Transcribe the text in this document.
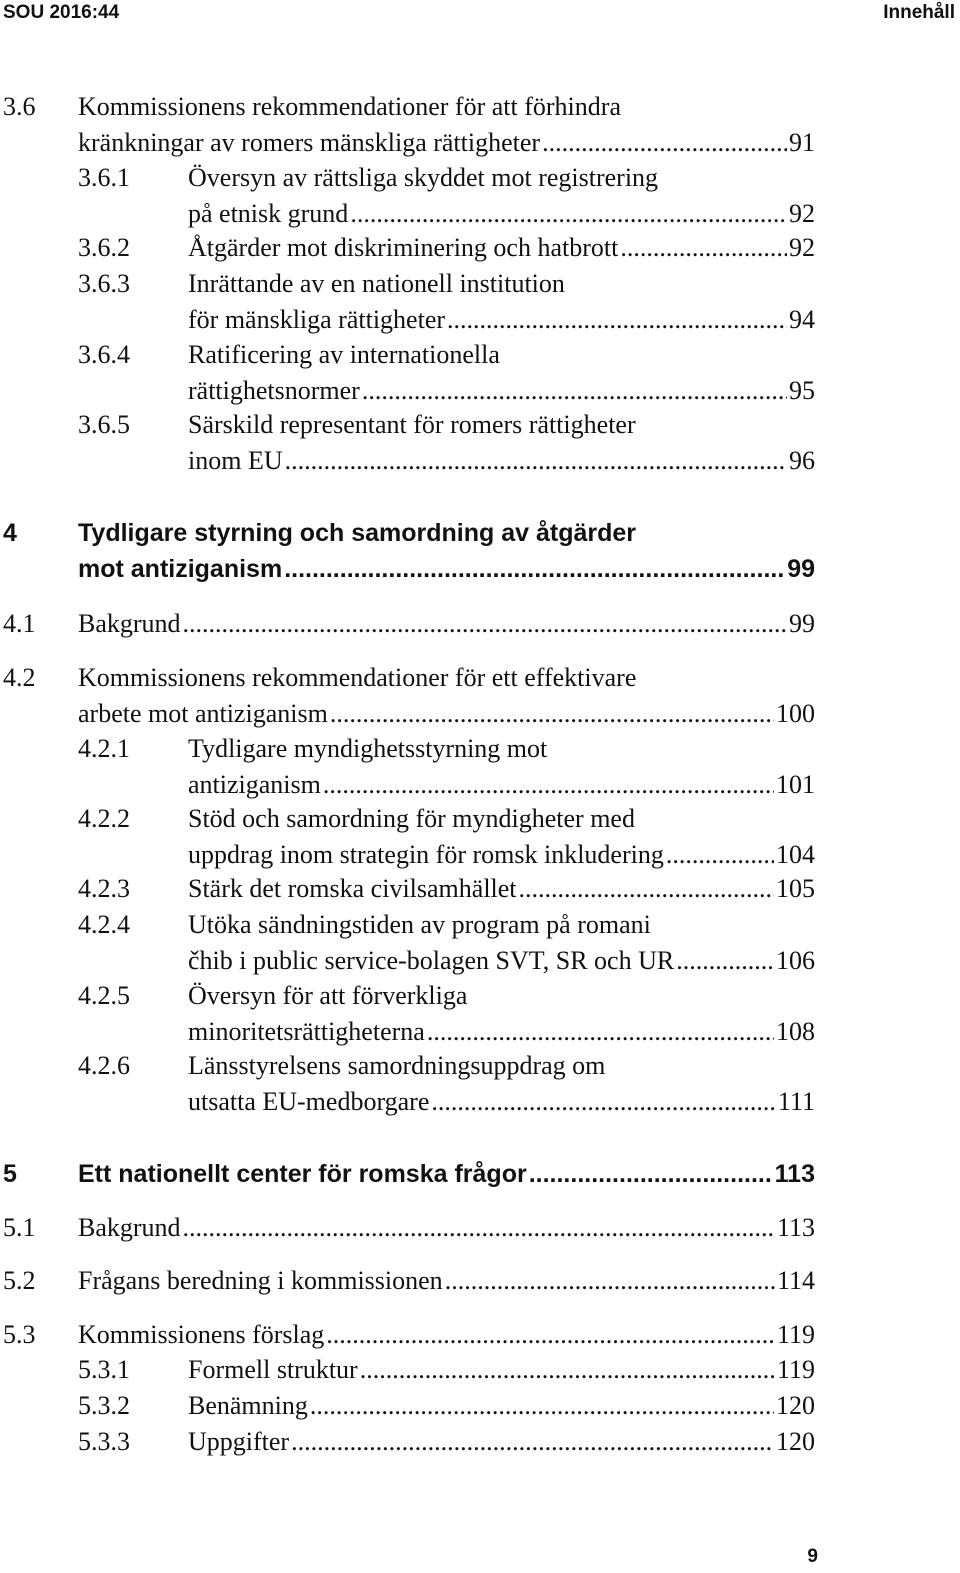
SOU 2016:44	Innehåll
3.6 Kommissionens rekommendationer för att förhindra
kränkningar av romers mänskliga rättigheter .....	91
3.6.1 Översyn av rättsliga skyddet mot registrering
på etnisk grund .....	92
3.6.2 Åtgärder mot diskriminering och hatbrott .....	92
3.6.3 Inrättande av en nationell institution
för mänskliga rättigheter .....	94
3.6.4 Ratificering av internationella
rättighetsnormer .....	95
3.6.5 Särskild representant för romers rättigheter
inom EU .....	96
4 Tydligare styrning och samordning av åtgärder
mot antiziganism .....	99
4.1 Bakgrund .....	99
4.2 Kommissionens rekommendationer för ett effektivare
arbete mot antiziganism .....	100
4.2.1 Tydligare myndighetsstyrning mot
antiziganism .....	101
4.2.2 Stöd och samordning för myndigheter med
uppdrag inom strategin för romsk inkludering .....	104
4.2.3 Stärk det romska civilsamhället .....	105
4.2.4 Utöka sändningstiden av program på romani
čhib i public service-bolagen SVT, SR och UR .....	106
4.2.5 Översyn för att förverkliga
minoritetsrättigheterna .....	108
4.2.6 Länsstyrelsens samordningsuppdrag om
utsatta EU-medborgare .....	111
5 Ett nationellt center för romska frågor .....	113
5.1 Bakgrund .....	113
5.2 Frågans beredning i kommissionen .....	114
5.3 Kommissionens förslag .....	119
5.3.1 Formell struktur .....	119
5.3.2 Benämning .....	120
5.3.3 Uppgifter .....	120
9
